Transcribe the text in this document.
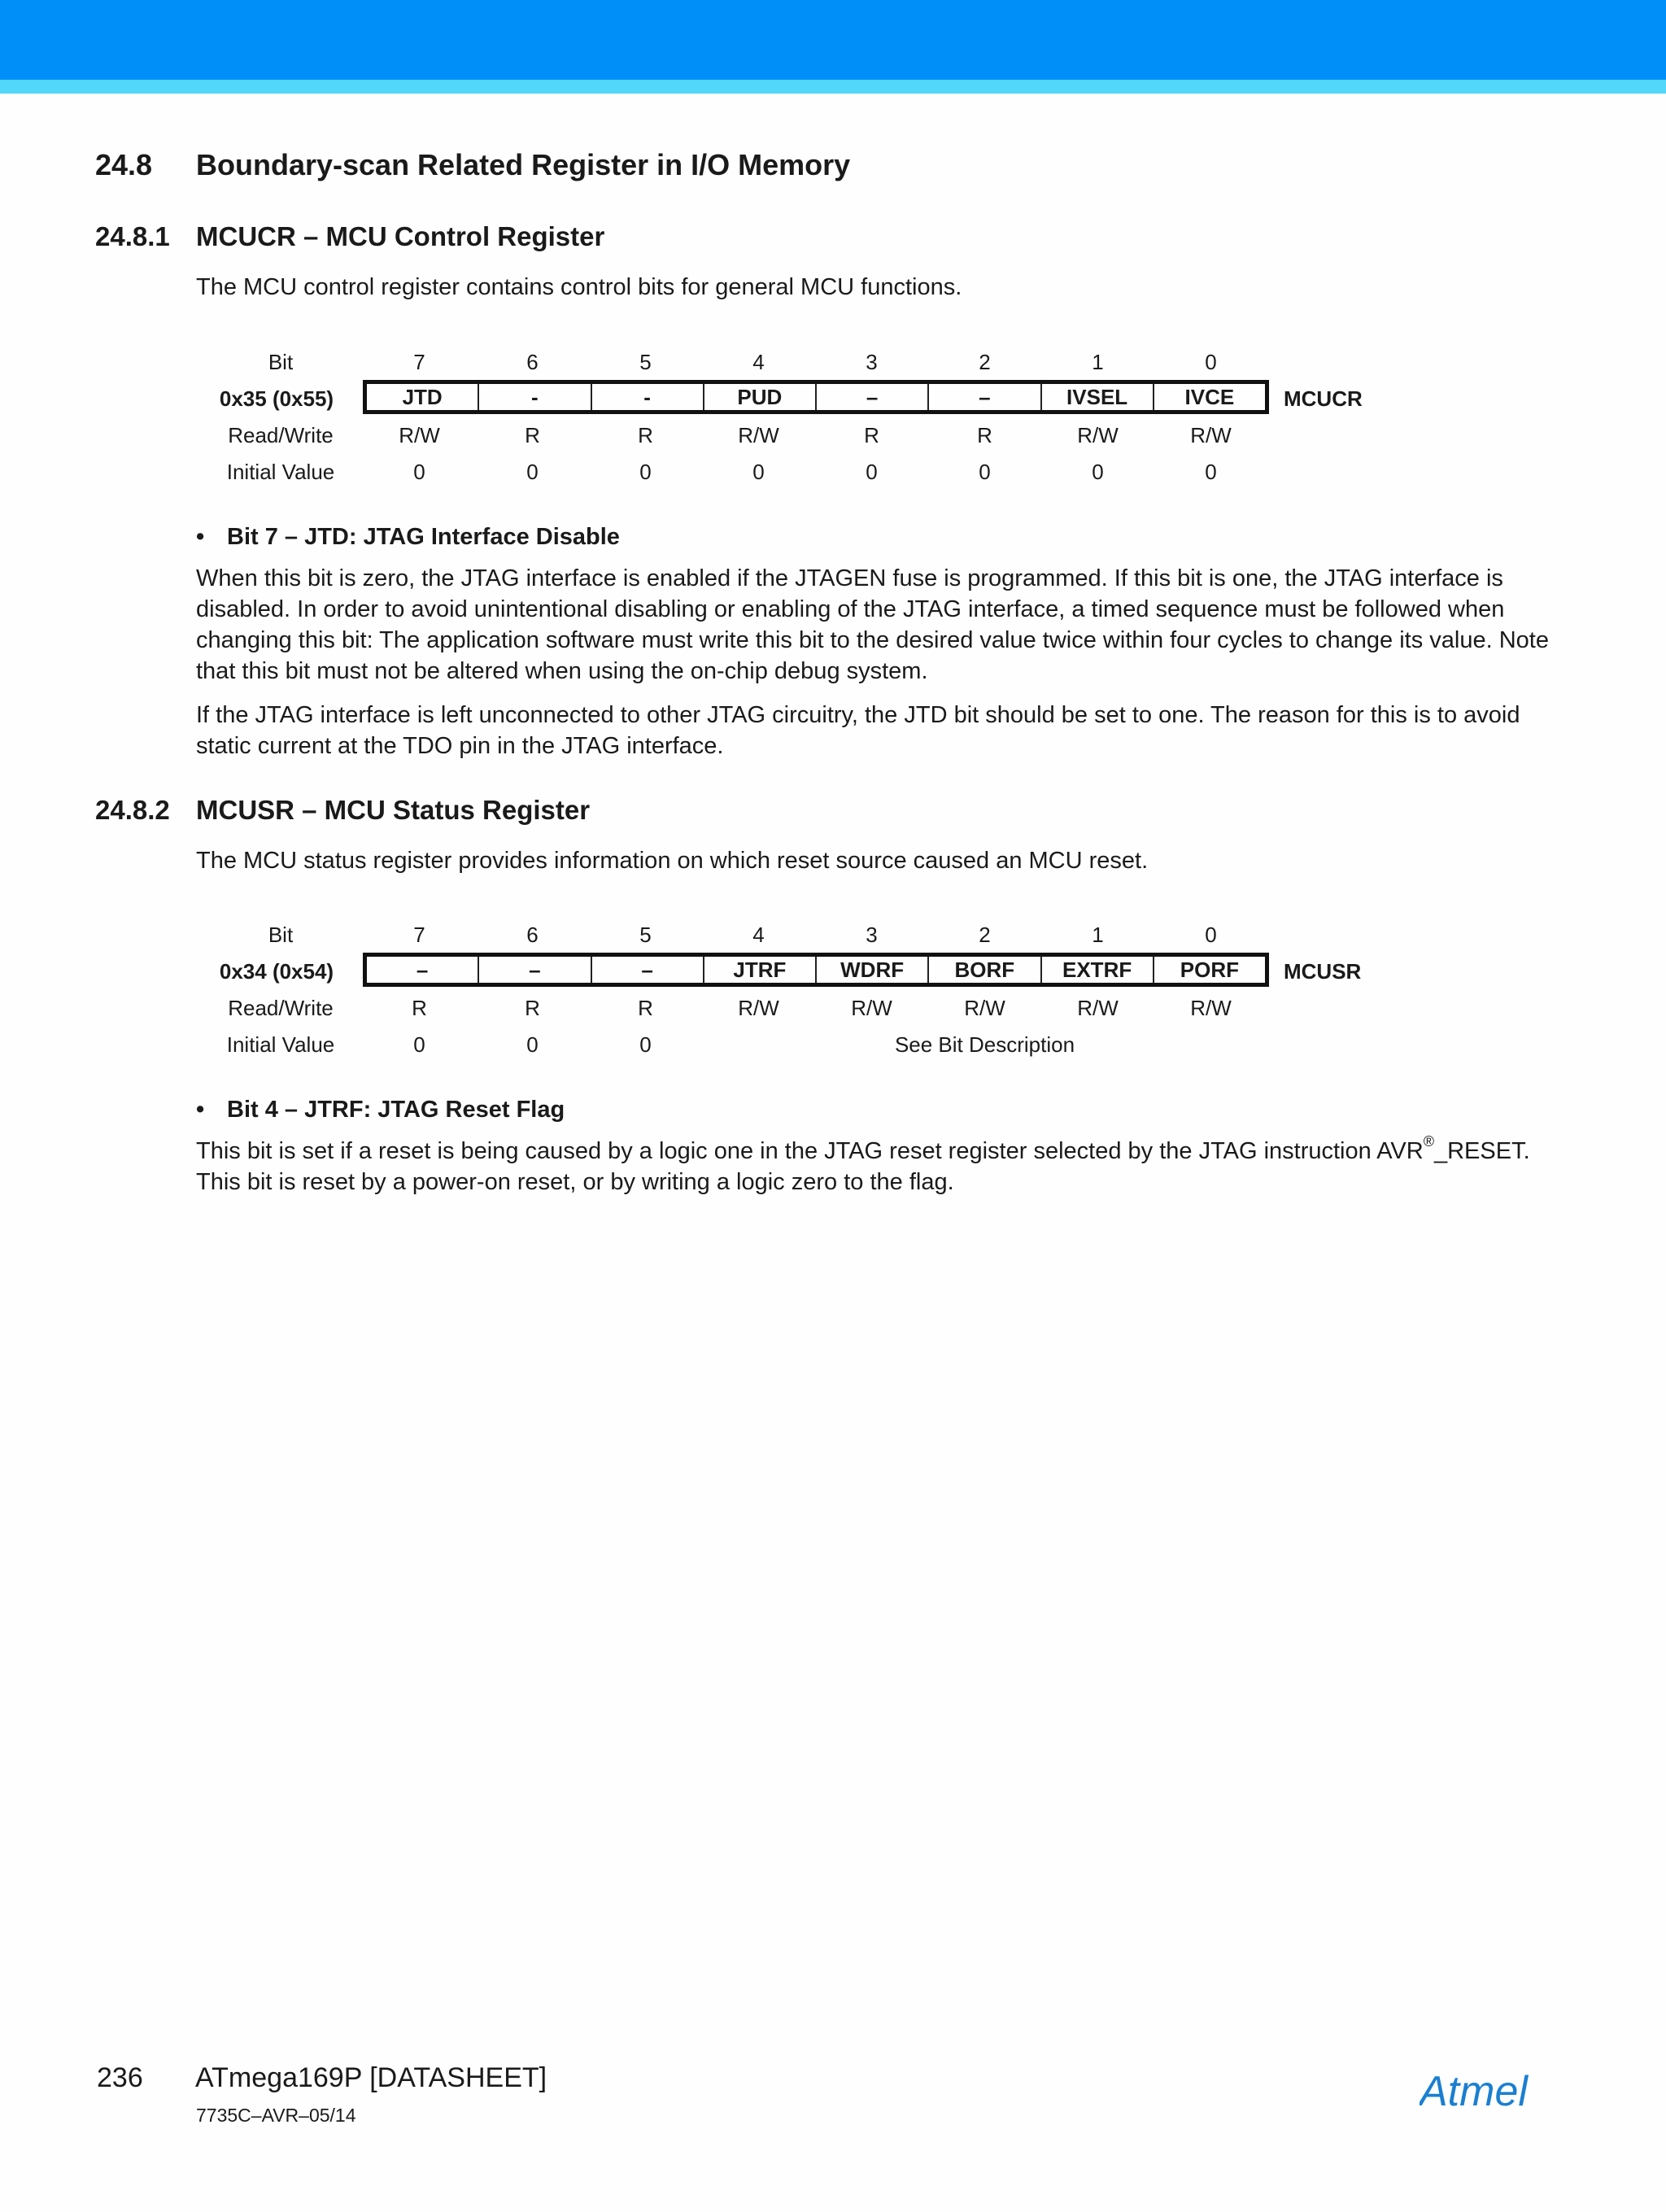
24.8 Boundary-scan Related Register in I/O Memory
24.8.1 MCUCR – MCU Control Register

The MCU control register contains control bits for general MCU functions.

Bit	7	6	5	4	3	2	1	0
0x35 (0x55)	JTD	-	-	PUD	–	–	IVSEL	IVCE	MCUCR
Read/Write	R/W	R	R	R/W	R	R	R/W	R/W
Initial Value	0	0	0	0	0	0	0	0
• Bit 7 – JTD: JTAG Interface Disable

When this bit is zero, the JTAG interface is enabled if the JTAGEN fuse is programmed. If this bit is one, the JTAG interface is disabled. In order to avoid unintentional disabling or enabling of the JTAG interface, a timed sequence must be followed when changing this bit: The application software must write this bit to the desired value twice within four cycles to change its value. Note that this bit must not be altered when using the on-chip debug system.

If the JTAG interface is left unconnected to other JTAG circuitry, the JTD bit should be set to one. The reason for this is to avoid static current at the TDO pin in the JTAG interface.

24.8.2 MCUSR – MCU Status Register

The MCU status register provides information on which reset source caused an MCU reset.

Bit	7	6	5	4	3	2	1	0
0x34 (0x54)	–	–	–	JTRF	WDRF	BORF	EXTRF	PORF	MCUSR
Read/Write	R	R	R	R/W	R/W	R/W	R/W	R/W
Initial Value	0	0	0	See Bit Description
• Bit 4 – JTRF: JTAG Reset Flag

This bit is set if a reset is being caused by a logic one in the JTAG reset register selected by the JTAG instruction AVR®_RESET. This bit is reset by a power-on reset, or by writing a logic zero to the flag.

236 ATmega169P [DATASHEET]
7735C–AVR–05/14	Atmel
